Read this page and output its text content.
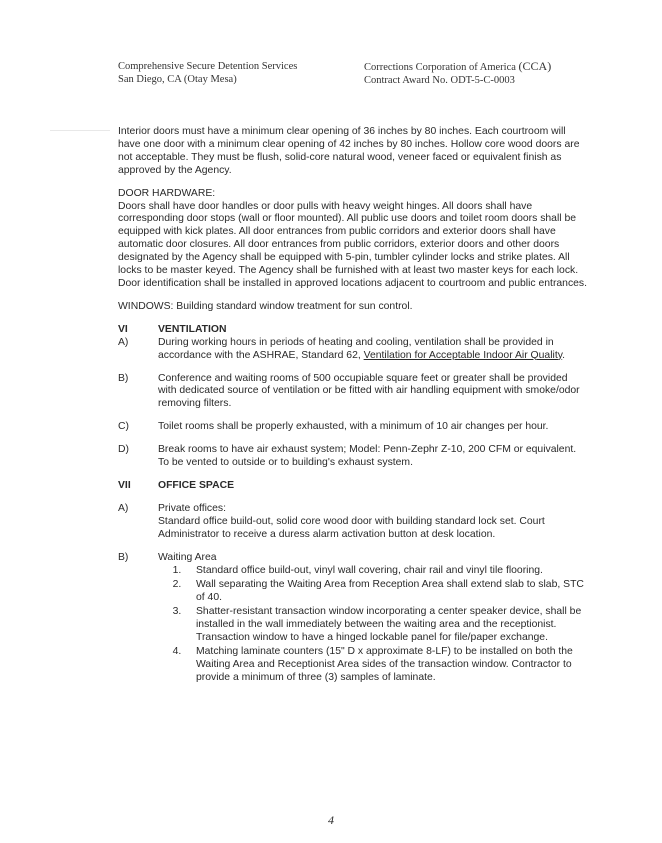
Comprehensive Secure Detention Services
San Diego, CA (Otay Mesa)
Corrections Corporation of America (CCA)
Contract Award No. ODT-5-C-0003

Interior doors must have a minimum clear opening of 36 inches by 80 inches. Each courtroom will have one door with a minimum clear opening of 42 inches by 80 inches. Hollow core wood doors are not acceptable. They must be flush, solid-core natural wood, veneer faced or equivalent finish as approved by the Agency.

DOOR HARDWARE:

Doors shall have door handles or door pulls with heavy weight hinges. All doors shall have corresponding door stops (wall or floor mounted). All public use doors and toilet room doors shall be equipped with kick plates. All door entrances from public corridors and exterior doors shall have automatic door closures. All door entrances from public corridors, exterior doors and other doors designated by the Agency shall be equipped with 5-pin, tumbler cylinder locks and strike plates. All locks to be master keyed. The Agency shall be furnished with at least two master keys for each lock. Door identification shall be installed in approved locations adjacent to courtroom and public entrances.

WINDOWS: Building standard window treatment for sun control.

VI	VENTILATION
A)	During working hours in periods of heating and cooling, ventilation shall be provided in accordance with the ASHRAE, Standard 62, Ventilation for Acceptable Indoor Air Quality.
B)	Conference and waiting rooms of 500 occupiable square feet or greater shall be provided with dedicated source of ventilation or be fitted with air handling equipment with smoke/odor removing filters.
C)	Toilet rooms shall be properly exhausted, with a minimum of 10 air changes per hour.
D)	Break rooms to have air exhaust system; Model: Penn-Zephr Z-10, 200 CFM or equivalent. To be vented to outside or to building's exhaust system.
VII	OFFICE SPACE
A)	Private offices:
Standard office build-out, solid core wood door with building standard lock set. Court Administrator to receive a duress alarm activation button at desk location.
B)	Waiting Area
1.	Standard office build-out, vinyl wall covering, chair rail and vinyl tile flooring.
2.	Wall separating the Waiting Area from Reception Area shall extend slab to slab, STC of 40.
3.	Shatter-resistant transaction window incorporating a center speaker device, shall be installed in the wall immediately between the waiting area and the receptionist. Transaction window to have a hinged lockable panel for file/paper exchange.
4.	Matching laminate counters (15" D x approximate 8-LF) to be installed on both the Waiting Area and Receptionist Area sides of the transaction window. Contractor to provide a minimum of three (3) samples of laminate.
4
